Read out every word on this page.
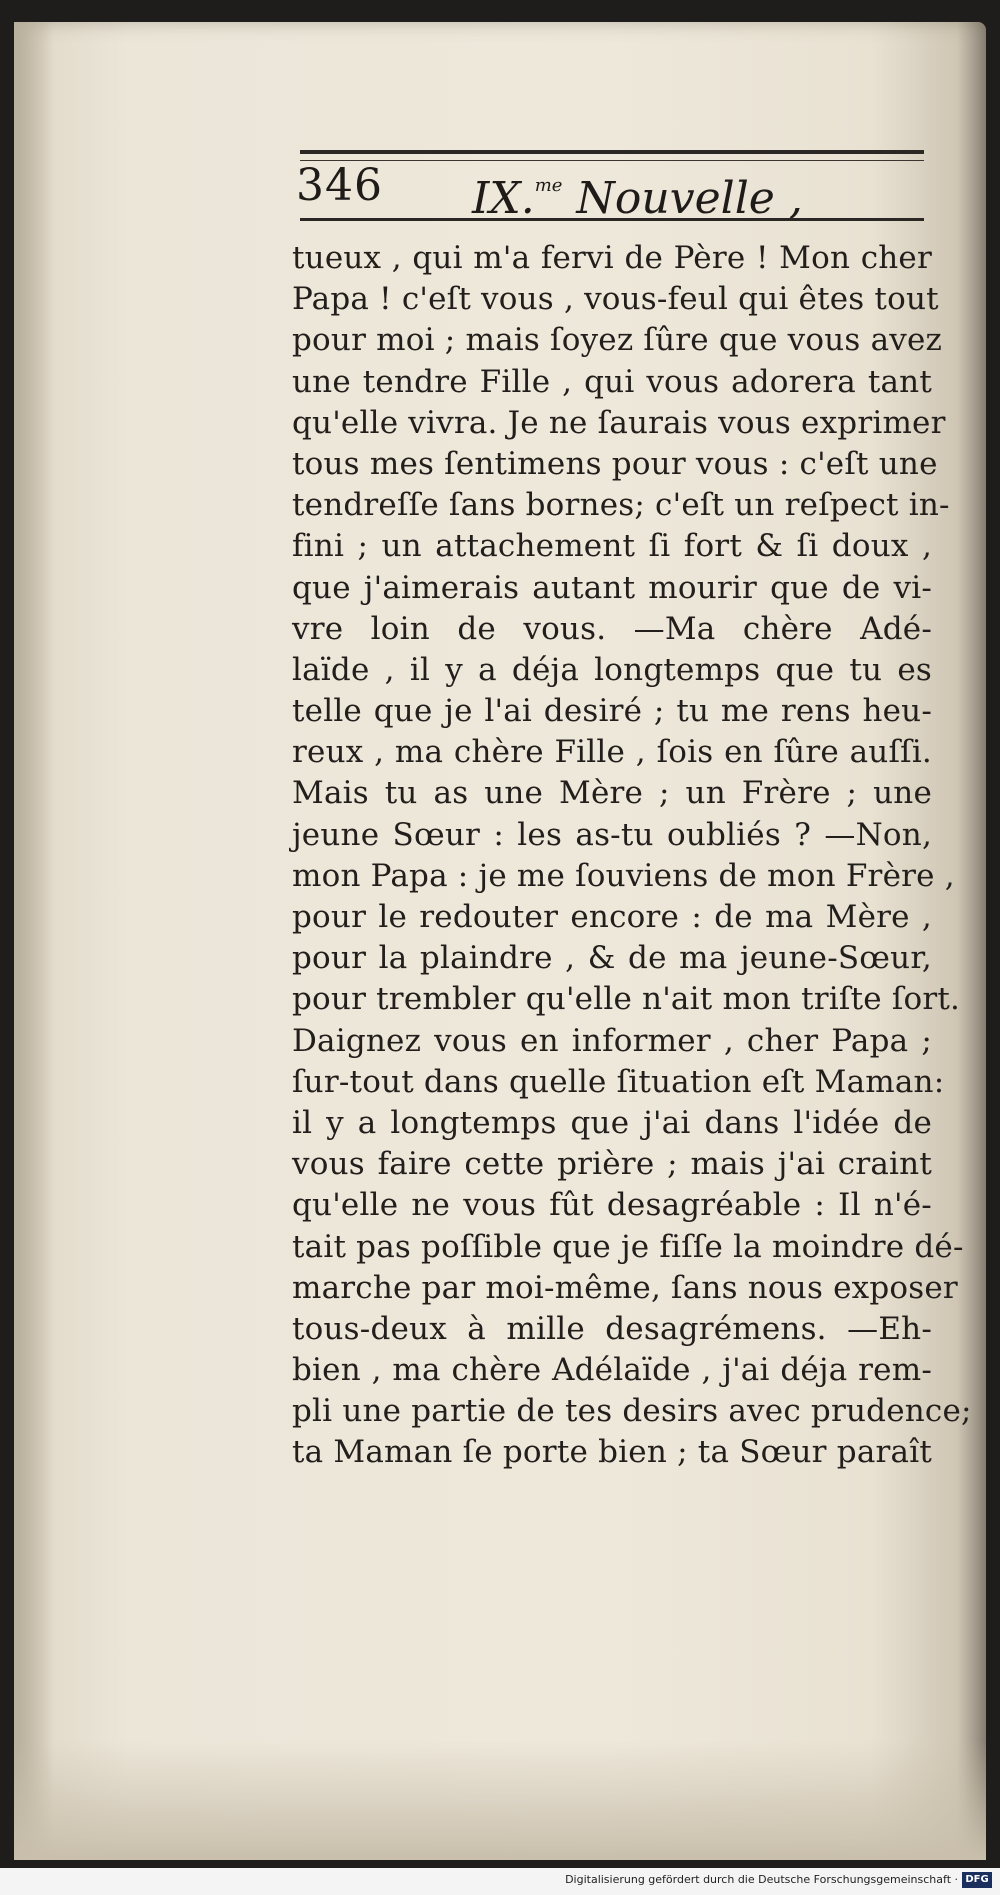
346 IX.$^{me}$ Nouvelle ,
tueux , qui m'a fervi de Père ! Mon cher
Papa ! c'eſt vous , vous-feul qui êtes tout
pour moi ; mais ſoyez ſûre que vous avez
une tendre Fille , qui vous adorera tant
qu'elle vivra. Je ne ſaurais vous exprimer
tous mes ſentimens pour vous : c'eſt une
tendreſſe ſans bornes; c'eſt un reſpect in-
fini ; un attachement ſi fort & ſi doux ,
que j'aimerais autant mourir que de vi-
vre loin de vous. —Ma chère Adé-
laïde , il y a déja longtemps que tu es
telle que je l'ai desiré ; tu me rens heu-
reux , ma chère Fille , ſois en ſûre auſſi.
Mais tu as une Mère ; un Frère ; une
jeune Sœur : les as-tu oubliés ? —Non,
mon Papa : je me ſouviens de mon Frère ,
pour le redouter encore : de ma Mère ,
pour la plaindre , & de ma jeune-Sœur,
pour trembler qu'elle n'ait mon triſte ſort.
Daignez vous en informer , cher Papa ;
ſur-tout dans quelle ſituation eſt Maman:
il y a longtemps que j'ai dans l'idée de
vous faire cette prière ; mais j'ai craint
qu'elle ne vous fût desagréable : Il n'é-
tait pas poſſible que je fiſſe la moindre dé-
marche par moi-même, ſans nous exposer
tous-deux à mille desagrémens. —Eh-
bien , ma chère Adélaïde , j'ai déja rem-
pli une partie de tes desirs avec prudence;
ta Maman ſe porte bien ; ta Sœur paraît
Digitalisierung gefördert durch die Deutsche Forschungsgemeinschaft · DFG
